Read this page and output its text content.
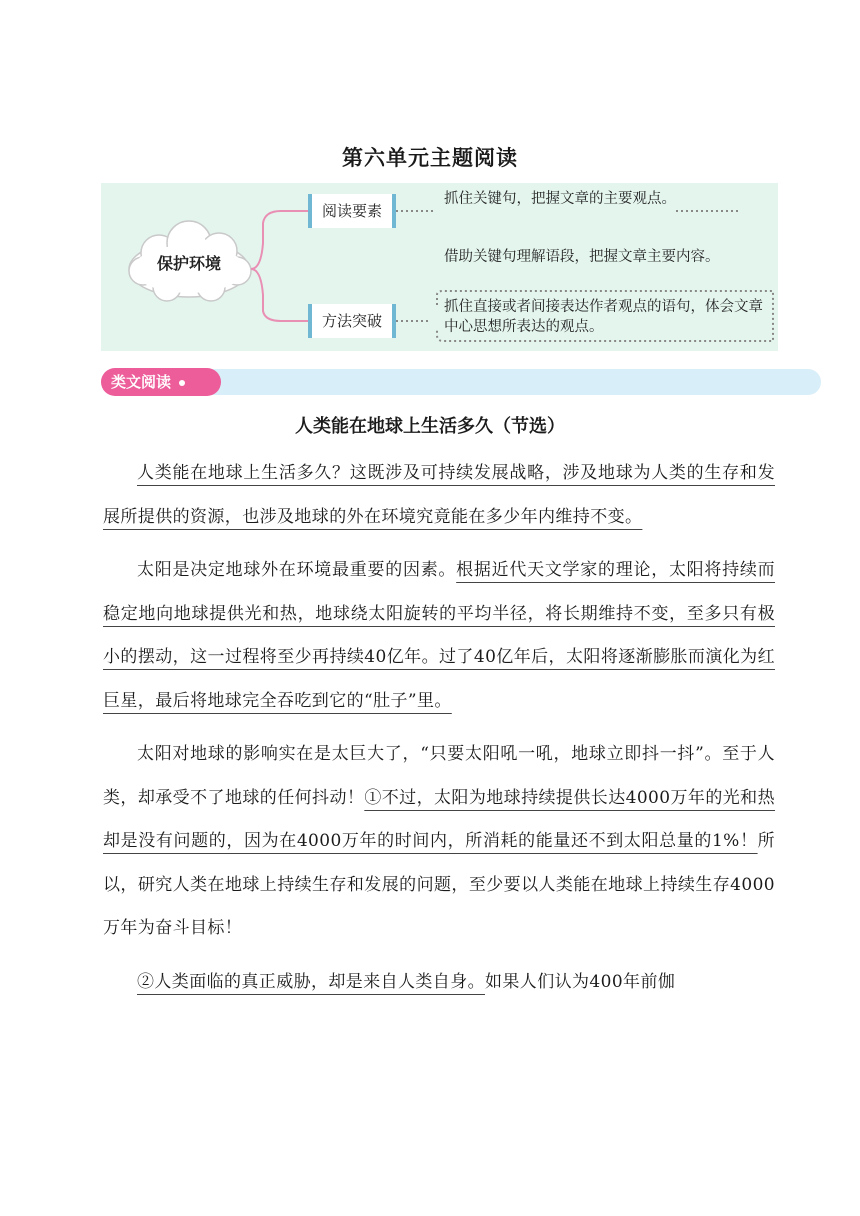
第六单元主题阅读
保护环境
阅读要素
方法突破
抓住关键句，把握文章的主要观点。
借助关键句理解语段，把握文章主要内容。
抓住直接或者间接表达作者观点的语句，体会文章中心思想所表达的观点。
类文阅读
人类能在地球上生活多久（节选）

人类能在地球上生活多久？这既涉及可持续发展战略，涉及地球为人类的生存和发展所提供的资源，也涉及地球的外在环境究竟能在多少年内维持不变。

太阳是决定地球外在环境最重要的因素。根据近代天文学家的理论，太阳将持续而稳定地向地球提供光和热，地球绕太阳旋转的平均半径，将长期维持不变，至多只有极小的摆动，这一过程将至少再持续40亿年。过了40亿年后，太阳将逐渐膨胀而演化为红巨星，最后将地球完全吞吃到它的“肚子”里。

太阳对地球的影响实在是太巨大了，“只要太阳吼一吼，地球立即抖一抖”。至于人类，却承受不了地球的任何抖动！①不过，太阳为地球持续提供长达4000万年的光和热却是没有问题的，因为在4000万年的时间内，所消耗的能量还不到太阳总量的1%！所以，研究人类在地球上持续生存和发展的问题，至少要以人类能在地球上持续生存4000万年为奋斗目标！

②人类面临的真正威胁，却是来自人类自身。如果人们认为400年前伽
